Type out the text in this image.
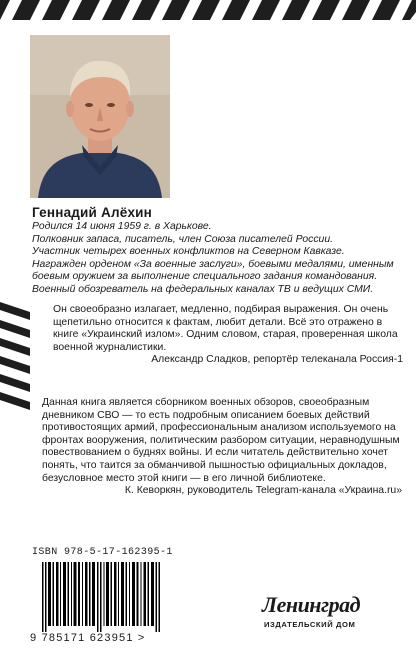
Геннадий Алёхин

Родился 14 июня 1959 г. в Харькове.

Полковник запаса, писатель, член Союза писателей России.

Участник четырех военных конфликтов на Северном Кавказе.

Награжден орденом «За военные заслуги», боевыми медалями, именным боевым оружием за выполнение специального задания командования.

Военный обозреватель на федеральных каналах ТВ и ведущих СМИ.

Он своеобразно излагает, медленно, подбирая выражения. Он очень щепетильно относится к фактам, любит детали. Всё это отражено в книге «Украинский излом». Одним словом, старая, проверенная школа военной журналистики.

Александр Сладков, репортёр телеканала Россия-1

Данная книга является сборником военных обзоров, своеобразным дневником СВО — то есть подробным описанием боевых действий противостоящих армий, профессиональным анализом используемого на фронтах вооружения, политическим разбором ситуации, неравнодушным повествованием о буднях войны. И если читатель действительно хочет понять, что таится за обманчивой пышностью официальных докладов, безусловное место этой книги — в его личной библиотеке.

К. Кеворкян, руководитель Telegram-канала «Украина.ru»

ISBN 978-5-17-162395-1
9 785171 623951 >
Ленинград
ИЗДАТЕЛЬСКИЙ ДОМ
